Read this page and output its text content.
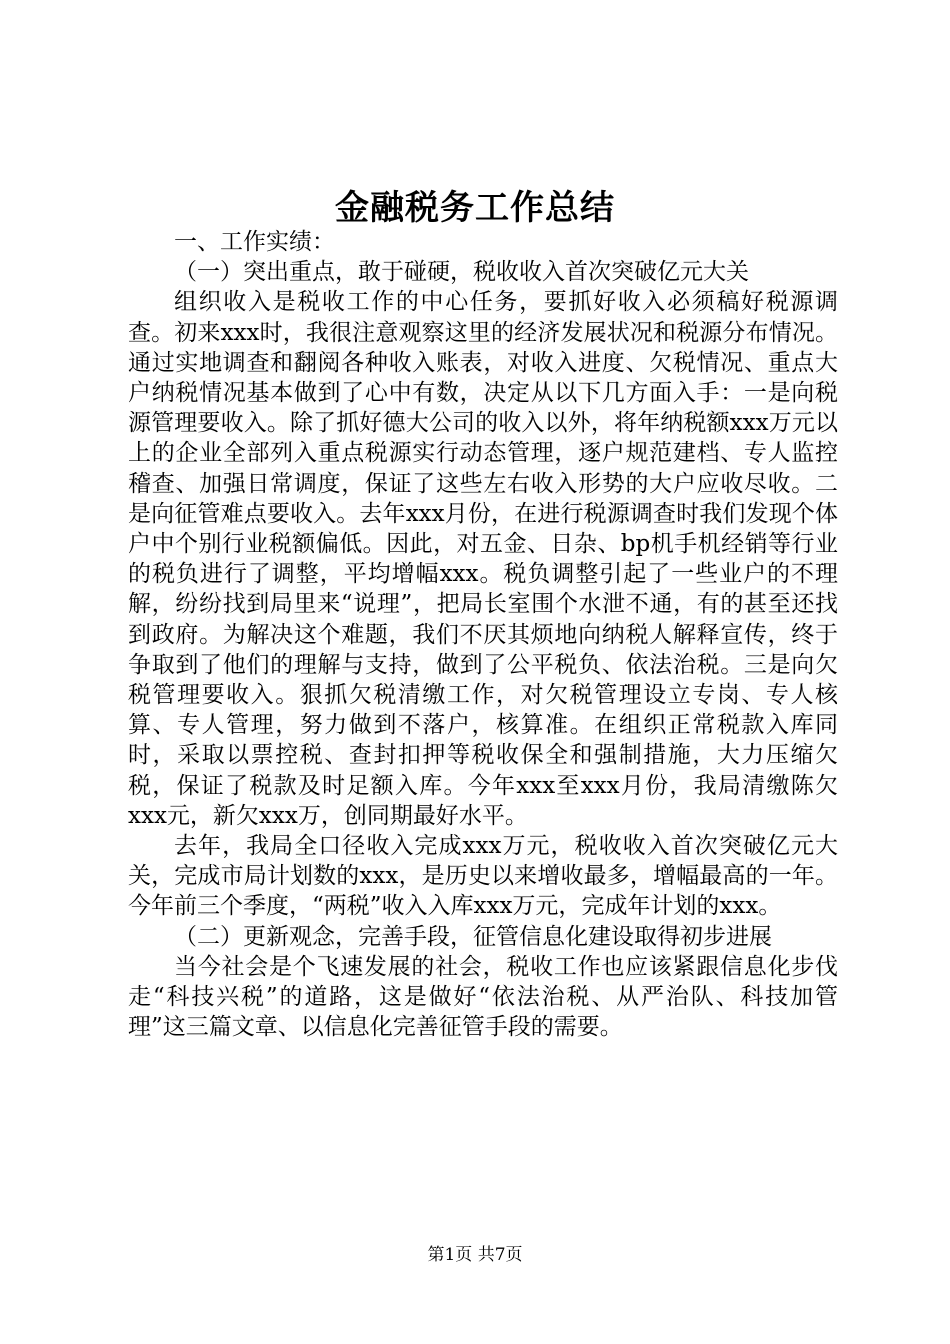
金融税务工作总结

一、工作实绩：

（一）突出重点，敢于碰硬，税收收入首次突破亿元大关

组织收入是税收工作的中心任务，要抓好收入必须稿好税源调查。初来xxx时，我很注意观察这里的经济发展状况和税源分布情况。通过实地调查和翻阅各种收入账表，对收入进度、欠税情况、重点大户纳税情况基本做到了心中有数，决定从以下几方面入手：一是向税源管理要收入。除了抓好德大公司的收入以外，将年纳税额xxx万元以上的企业全部列入重点税源实行动态管理，逐户规范建档、专人监控稽查、加强日常调度，保证了这些左右收入形势的大户应收尽收。二是向征管难点要收入。去年xxx月份，在进行税源调查时我们发现个体户中个别行业税额偏低。因此，对五金、日杂、bp机手机经销等行业的税负进行了调整，平均增幅xxx。税负调整引起了一些业户的不理解，纷纷找到局里来“说理”，把局长室围个水泄不通，有的甚至还找到政府。为解决这个难题，我们不厌其烦地向纳税人解释宣传，终于争取到了他们的理解与支持，做到了公平税负、依法治税。三是向欠税管理要收入。狠抓欠税清缴工作，对欠税管理设立专岗、专人核算、专人管理，努力做到不落户，核算准。在组织正常税款入库同时，采取以票控税、查封扣押等税收保全和强制措施，大力压缩欠税，保证了税款及时足额入库。今年xxx至xxx月份，我局清缴陈欠xxx元，新欠xxx万，创同期最好水平。

去年，我局全口径收入完成xxx万元，税收收入首次突破亿元大关，完成市局计划数的xxx，是历史以来增收最多，增幅最高的一年。今年前三个季度，“两税”收入入库xxx万元，完成年计划的xxx。

（二）更新观念，完善手段，征管信息化建设取得初步进展

当今社会是个飞速发展的社会，税收工作也应该紧跟信息化步伐走“科技兴税”的道路，这是做好“依法治税、从严治队、科技加管理”这三篇文章、以信息化完善征管手段的需要。

第1页 共7页
